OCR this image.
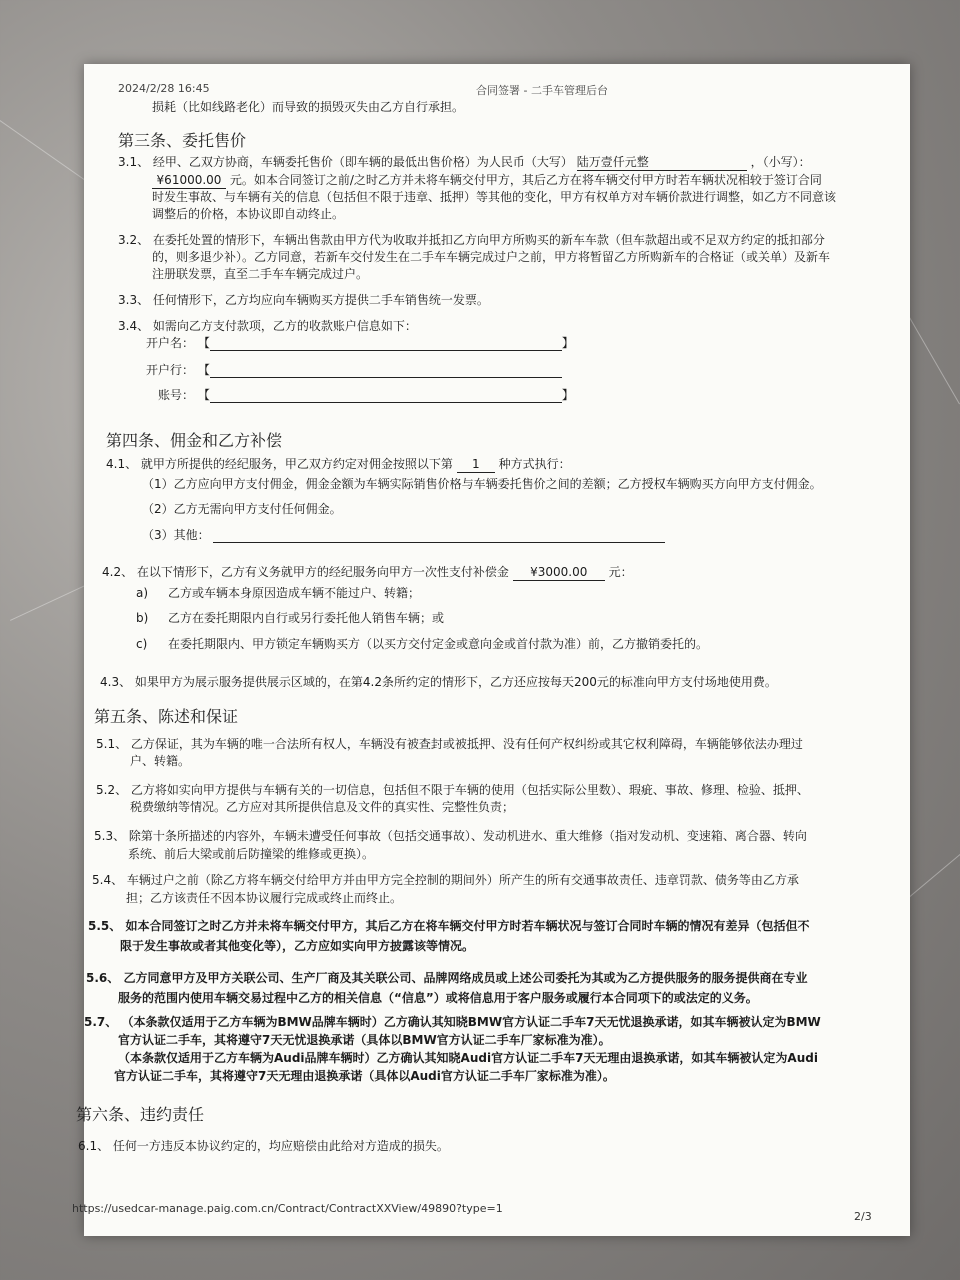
2024/2/28 16:45	合同签署 - 二手车管理后台
损耗（比如线路老化）而导致的损毁灭失由乙方自行承担。
第三条、委托售价
3.1、 经甲、乙双方协商，车辆委托售价（即车辆的最低出售价格）为人民币（大写） 陆万壹仟元整	，（小写）：
¥61000.00 元。如本合同签订之前/之时乙方并未将车辆交付甲方，其后乙方在将车辆交付甲方时若车辆状况相较于签订合同
时发生事故、与车辆有关的信息（包括但不限于违章、抵押）等其他的变化，甲方有权单方对车辆价款进行调整，如乙方不同意该
调整后的价格，本协议即自动终止。
3.2、 在委托处置的情形下，车辆出售款由甲方代为收取并抵扣乙方向甲方所购买的新车车款（但车款超出或不足双方约定的抵扣部分
的，则多退少补）。乙方同意，若新车交付发生在二手车车辆完成过户之前，甲方将暂留乙方所购新车的合格证（或关单）及新车
注册联发票，直至二手车车辆完成过户。
3.3、 任何情形下，乙方均应向车辆购买方提供二手车销售统一发票。
3.4、 如需向乙方支付款项，乙方的收款账户信息如下：
开户名： 【	】
开户行： 【
账号： 【	】
第四条、佣金和乙方补偿
4.1、 就甲方所提供的经纪服务，甲乙双方约定对佣金按照以下第 1 种方式执行：
（1）乙方应向甲方支付佣金，佣金金额为车辆实际销售价格与车辆委托售价之间的差额；乙方授权车辆购买方向甲方支付佣金。
（2）乙方无需向甲方支付任何佣金。
（3）其他：
4.2、 在以下情形下，乙方有义务就甲方的经纪服务向甲方一次性支付补偿金 ¥3000.00 元：
a) 乙方或车辆本身原因造成车辆不能过户、转籍；
b) 乙方在委托期限内自行或另行委托他人销售车辆；或
c) 在委托期限内、甲方锁定车辆购买方（以买方交付定金或意向金或首付款为准）前，乙方撤销委托的。
4.3、 如果甲方为展示服务提供展示区域的，在第4.2条所约定的情形下，乙方还应按每天200元的标准向甲方支付场地使用费。
第五条、陈述和保证
5.1、 乙方保证，其为车辆的唯一合法所有权人，车辆没有被查封或被抵押、没有任何产权纠纷或其它权利障碍，车辆能够依法办理过
户、转籍。
5.2、 乙方将如实向甲方提供与车辆有关的一切信息，包括但不限于车辆的使用（包括实际公里数）、瑕疵、事故、修理、检验、抵押、
税费缴纳等情况。乙方应对其所提供信息及文件的真实性、完整性负责；
5.3、 除第十条所描述的内容外，车辆未遭受任何事故（包括交通事故）、发动机进水、重大维修（指对发动机、变速箱、离合器、转向
系统、前后大梁或前后防撞梁的维修或更换）。
5.4、 车辆过户之前（除乙方将车辆交付给甲方并由甲方完全控制的期间外）所产生的所有交通事故责任、违章罚款、债务等由乙方承
担；乙方该责任不因本协议履行完成或终止而终止。
5.5、 如本合同签订之时乙方并未将车辆交付甲方，其后乙方在将车辆交付甲方时若车辆状况与签订合同时车辆的情况有差异（包括但不
限于发生事故或者其他变化等），乙方应如实向甲方披露该等情况。
5.6、 乙方同意甲方及甲方关联公司、生产厂商及其关联公司、品牌网络成员或上述公司委托为其或为乙方提供服务的服务提供商在专业
服务的范围内使用车辆交易过程中乙方的相关信息（“信息”）或将信息用于客户服务或履行本合同项下的或法定的义务。
5.7、 （本条款仅适用于乙方车辆为BMW品牌车辆时）乙方确认其知晓BMW官方认证二手车7天无忧退换承诺，如其车辆被认定为BMW
官方认证二手车，其将遵守7天无忧退换承诺（具体以BMW官方认证二手车厂家标准为准）。
（本条款仅适用于乙方车辆为Audi品牌车辆时）乙方确认其知晓Audi官方认证二手车7天无理由退换承诺，如其车辆被认定为Audi
官方认证二手车，其将遵守7天无理由退换承诺（具体以Audi官方认证二手车厂家标准为准）。
第六条、违约责任
6.1、 任何一方违反本协议约定的，均应赔偿由此给对方造成的损失。
https://usedcar-manage.paig.com.cn/Contract/ContractXXView/49890?type=1
2/3
